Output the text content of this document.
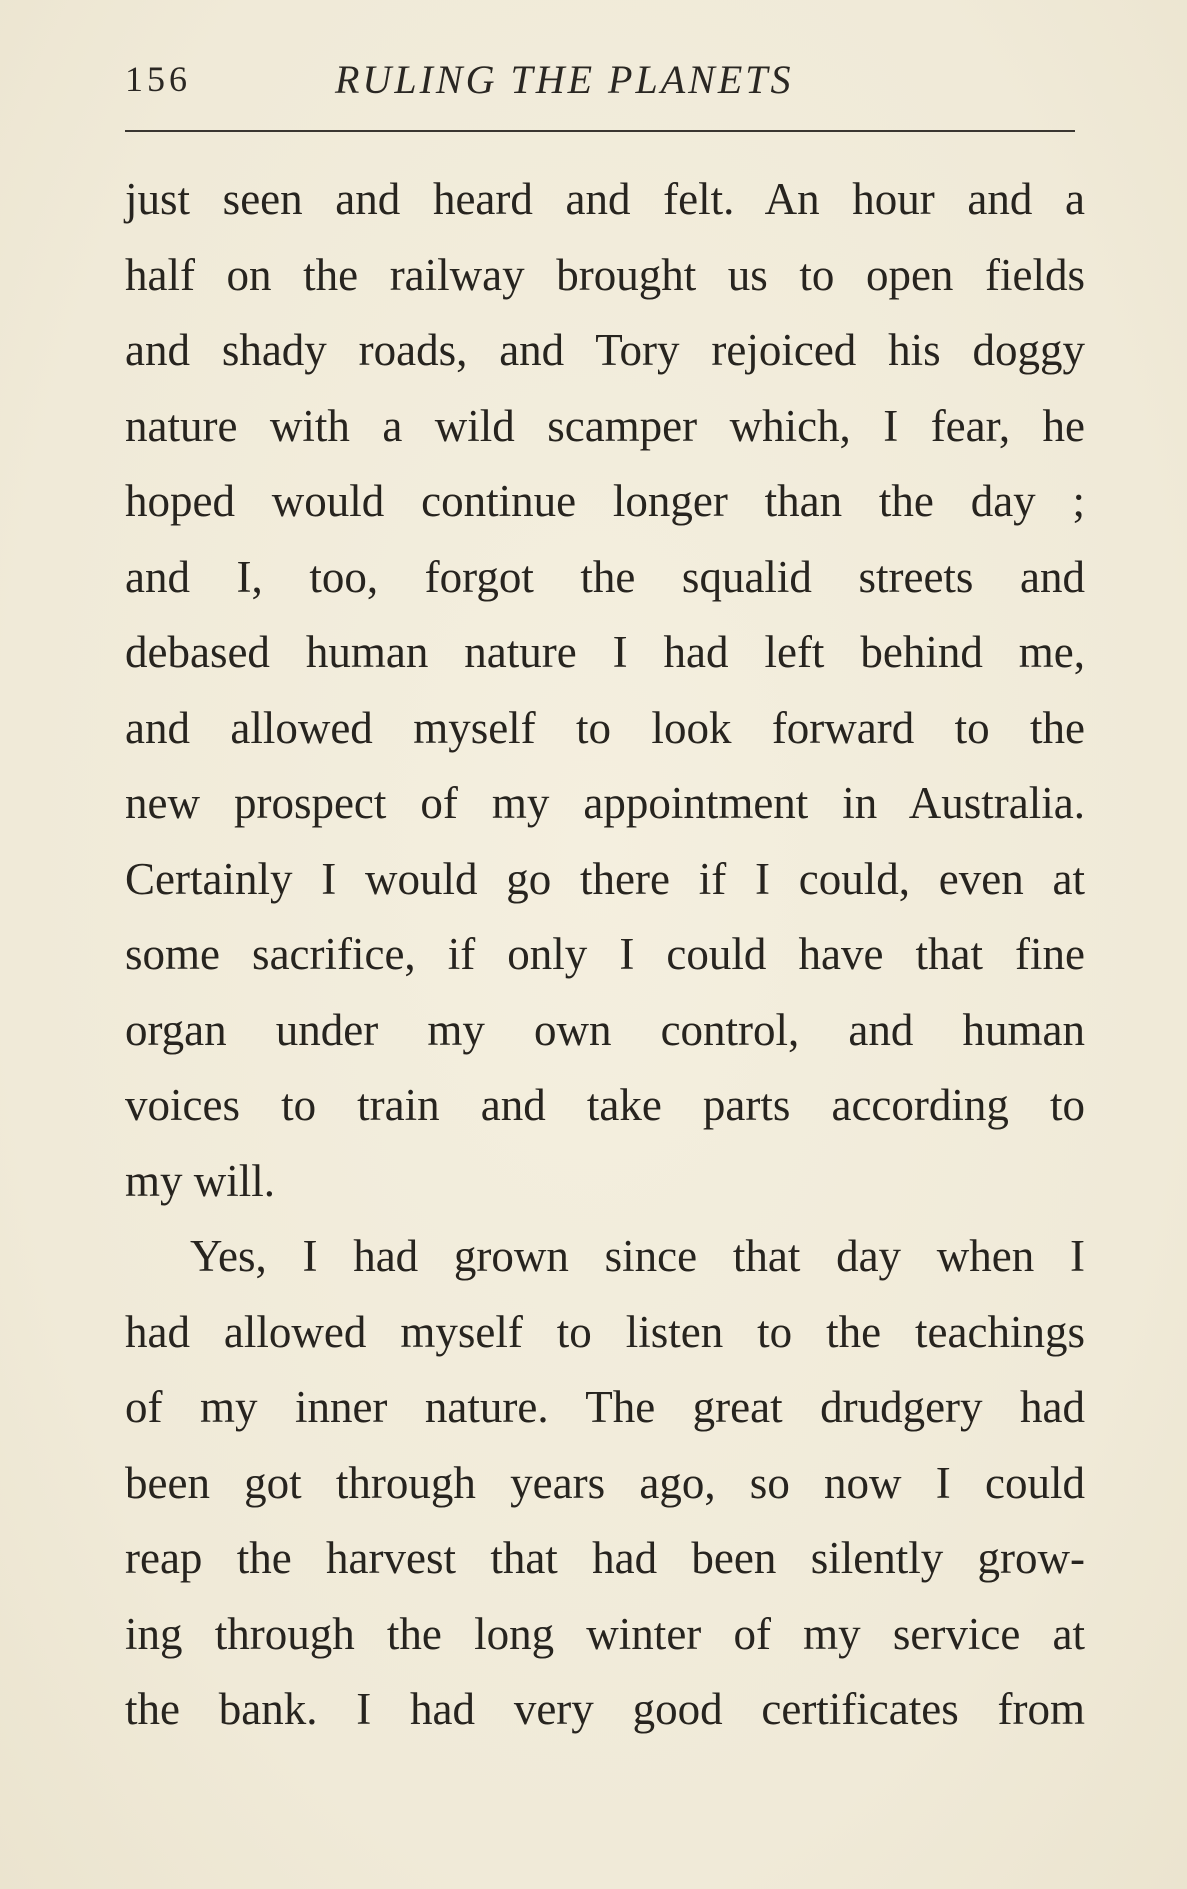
156	RULING THE PLANETS
just seen and heard and felt. An hour and a
half on the railway brought us to open fields
and shady roads, and Tory rejoiced his doggy
nature with a wild scamper which, I fear, he
hoped would continue longer than the day ;
and I, too, forgot the squalid streets and
debased human nature I had left behind me,
and allowed myself to look forward to the
new prospect of my appointment in Australia.
Certainly I would go there if I could, even at
some sacrifice, if only I could have that fine
organ under my own control, and human
voices to train and take parts according to
my will.
Yes, I had grown since that day when I
had allowed myself to listen to the teachings
of my inner nature. The great drudgery had
been got through years ago, so now I could
reap the harvest that had been silently grow-
ing through the long winter of my service at
the bank. I had very good certificates from
